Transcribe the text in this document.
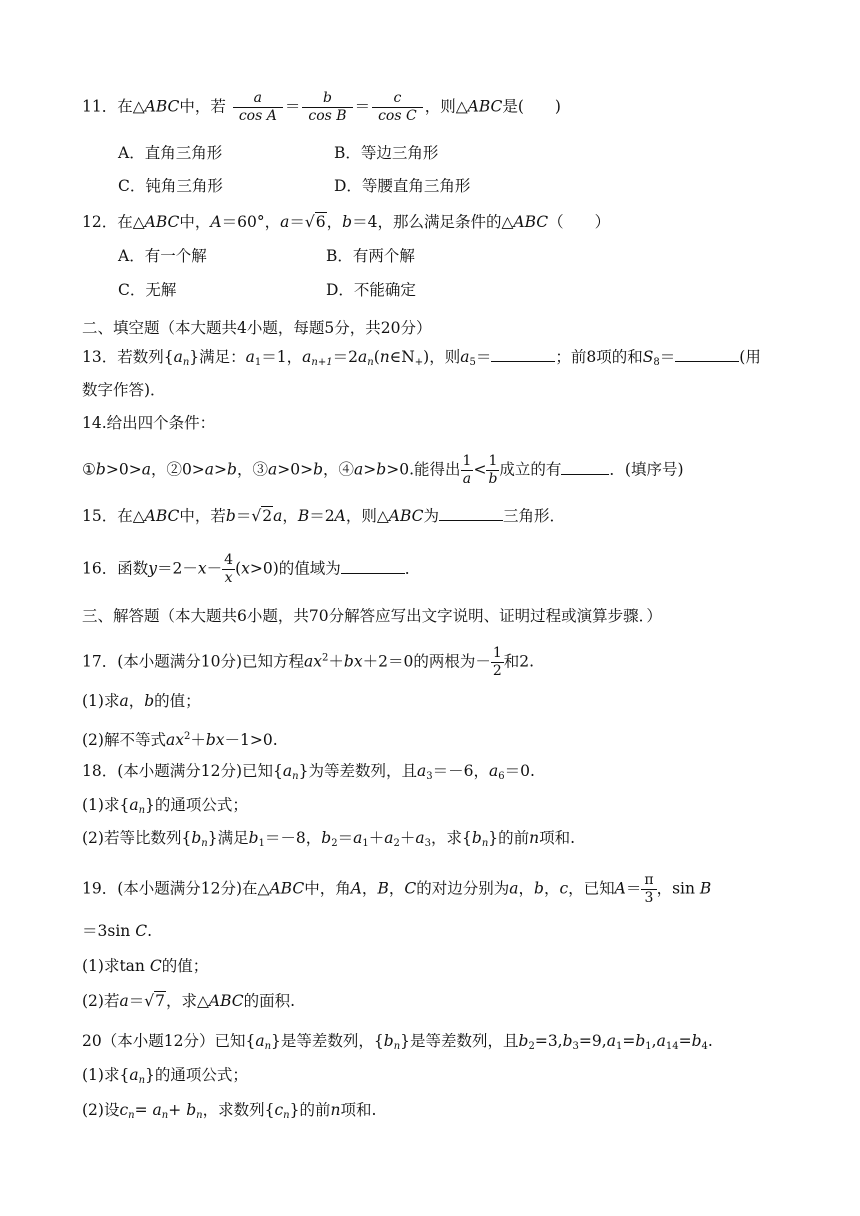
11．在△ABC中，若 $\frac{a}{\text{cos A}} = \frac{b}{\text{cos B}} = \frac{c}{\text{cos C}}$ ，则△ABC是(　　)
A．直角三角形	B．等边三角形
C．钝角三角形	D．等腰直角三角形
12．在△ABC中，A＝60°，a＝√6，b＝4，那么满足条件的△ABC（　　）
A．有一个解	B．有两个解
C．无解	D．不能确定
二、填空题（本大题共4小题，每题5分，共20分）
13．若数列$\{a_n\}$满足：$a_1=1$，$a_{n+1}=2a_n(n\in N_+)$，则$a_5=$	；前8项的和$S_8=$	(用
数字作答)．
14.给出四个条件：
①b>0>a，②0>a>b，③a>0>b，④a>b>0.能得出 $\frac{1}{a} < \frac{1}{b}$ 成立的有	．(填序号)
15．在△ABC中，若b＝√2a，B＝2A，则△ABC为	三角形．
16．函数$y=2-x- \frac{4}{x} (x>0)$的值域为	．
三、解答题（本大题共6小题，共70分解答应写出文字说明、证明过程或演算步骤．）
17．(本小题满分10分)已知方程$ax^2+bx+2=0$的两根为－ $\frac{1}{2}$ 和2.
(1)求a，b的值；
(2)解不等式$ax^2+bx-1>0$.
18．(本小题满分12分)已知$\{a_n\}$为等差数列，且$a_3=-6$，$a_6=0$.
(1)求$\{a_n\}$的通项公式；
(2)若等比数列$\{b_n\}$满足$b_1=-8$，$b_2=a_1+a_2+a_3$，求$\{b_n\}$的前n项和.
19．(本小题满分12分)在△ABC中，角A，B，C的对边分别为a，b，c，已知$A= \frac{\pi}{3}$ ，sin B
＝3sin C.
(1)求tan C的值；
(2)若a＝√7，求△ABC的面积.
20（本小题12分）已知$\{a_n\}$是等差数列，$\{b_n\}$是等差数列，且$b_2=3,b_3=9,a_1=b_1,a_{14}=b_4$.
(1)求$\{a_n\}$的通项公式；
(2)设$c_n= a_n+ b_n$，求数列$\{c_n\}$的前n项和.
